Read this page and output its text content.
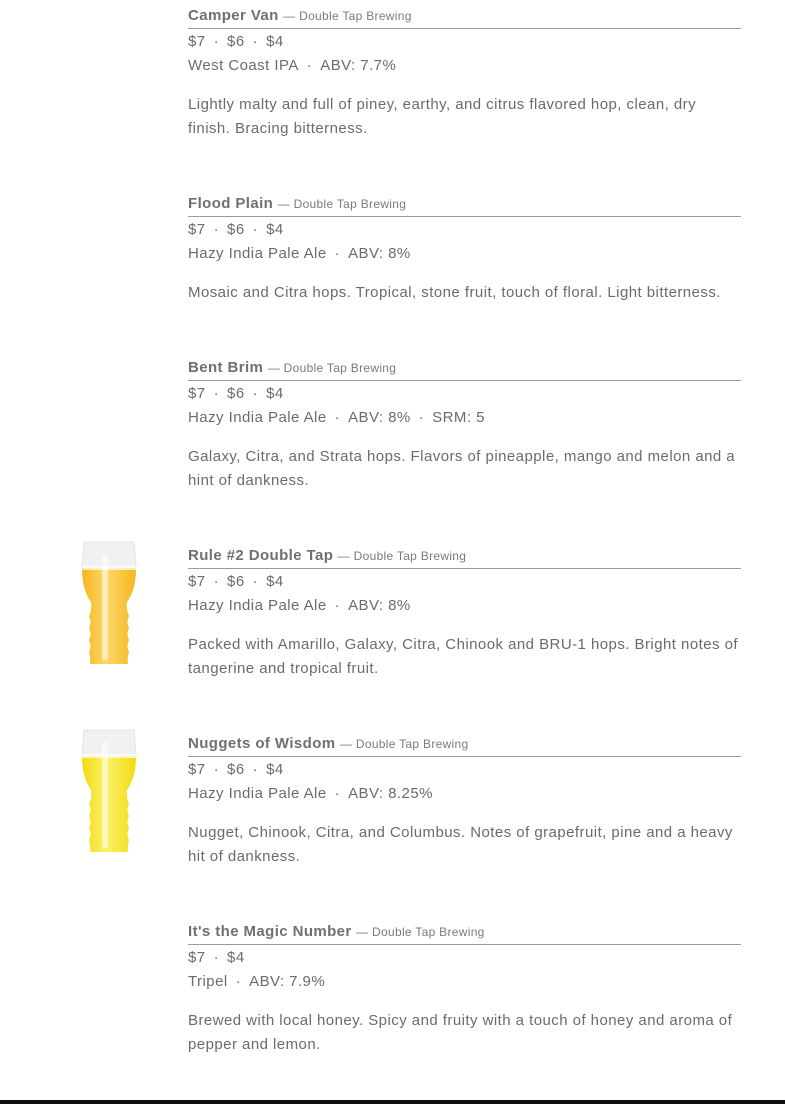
Camper Van — Double Tap Brewing
$7 · $6 · $4
West Coast IPA · ABV: 7.7%
Lightly malty and full of piney, earthy, and citrus flavored hop, clean, dry finish. Bracing bitterness.
Flood Plain — Double Tap Brewing
$7 · $6 · $4
Hazy India Pale Ale · ABV: 8%
Mosaic and Citra hops. Tropical, stone fruit, touch of floral. Light bitterness.
Bent Brim — Double Tap Brewing
$7 · $6 · $4
Hazy India Pale Ale · ABV: 8% · SRM: 5
Galaxy, Citra, and Strata hops. Flavors of pineapple, mango and melon and a hint of dankness.
Rule #2 Double Tap — Double Tap Brewing
$7 · $6 · $4
Hazy India Pale Ale · ABV: 8%
Packed with Amarillo, Galaxy, Citra, Chinook and BRU-1 hops. Bright notes of tangerine and tropical fruit.
Nuggets of Wisdom — Double Tap Brewing
$7 · $6 · $4
Hazy India Pale Ale · ABV: 8.25%
Nugget, Chinook, Citra, and Columbus. Notes of grapefruit, pine and a heavy hit of dankness.
It's the Magic Number — Double Tap Brewing
$7 · $4
Tripel · ABV: 7.9%
Brewed with local honey. Spicy and fruity with a touch of honey and aroma of pepper and lemon.
